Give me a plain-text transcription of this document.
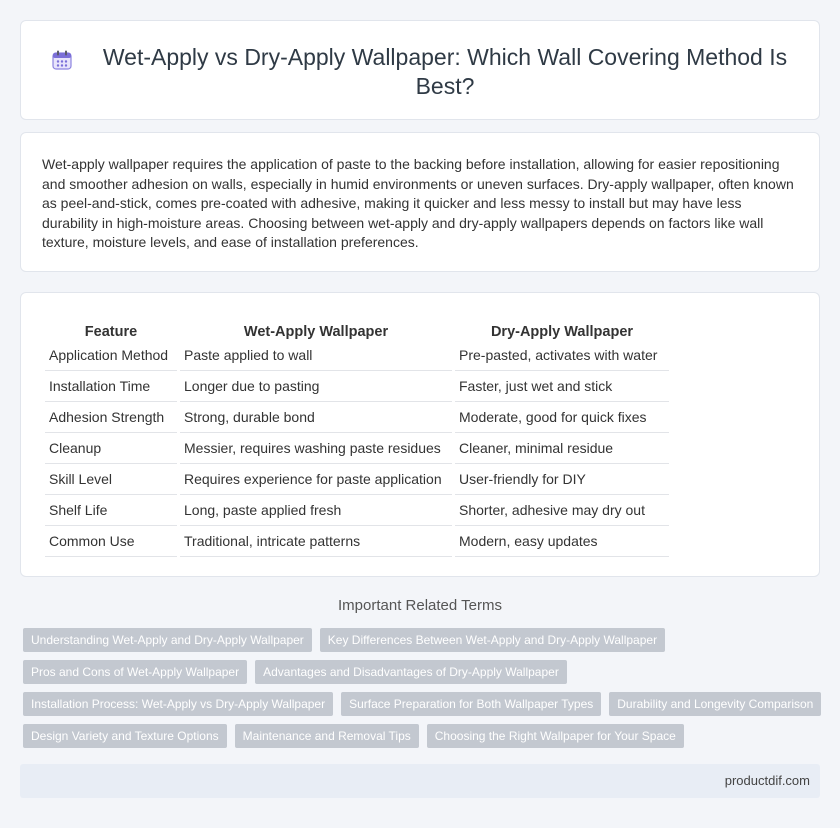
Wet-Apply vs Dry-Apply Wallpaper: Which Wall Covering Method Is Best?

Wet-apply wallpaper requires the application of paste to the backing before installation, allowing for easier repositioning and smoother adhesion on walls, especially in humid environments or uneven surfaces. Dry-apply wallpaper, often known as peel-and-stick, comes pre-coated with adhesive, making it quicker and less messy to install but may have less durability in high-moisture areas. Choosing between wet-apply and dry-apply wallpapers depends on factors like wall texture, moisture levels, and ease of installation preferences.

Feature	Wet-Apply Wallpaper	Dry-Apply Wallpaper
Application Method	Paste applied to wall	Pre-pasted, activates with water
Installation Time	Longer due to pasting	Faster, just wet and stick
Adhesion Strength	Strong, durable bond	Moderate, good for quick fixes
Cleanup	Messier, requires washing paste residues	Cleaner, minimal residue
Skill Level	Requires experience for paste application	User-friendly for DIY
Shelf Life	Long, paste applied fresh	Shorter, adhesive may dry out
Common Use	Traditional, intricate patterns	Modern, easy updates
Important Related Terms
Understanding Wet-Apply and Dry-Apply Wallpaper	Key Differences Between Wet-Apply and Dry-Apply Wallpaper
Pros and Cons of Wet-Apply Wallpaper	Advantages and Disadvantages of Dry-Apply Wallpaper
Installation Process: Wet-Apply vs Dry-Apply Wallpaper	Surface Preparation for Both Wallpaper Types	Durability and Longevity Comparison
Design Variety and Texture Options	Maintenance and Removal Tips	Choosing the Right Wallpaper for Your Space
productdif.com
